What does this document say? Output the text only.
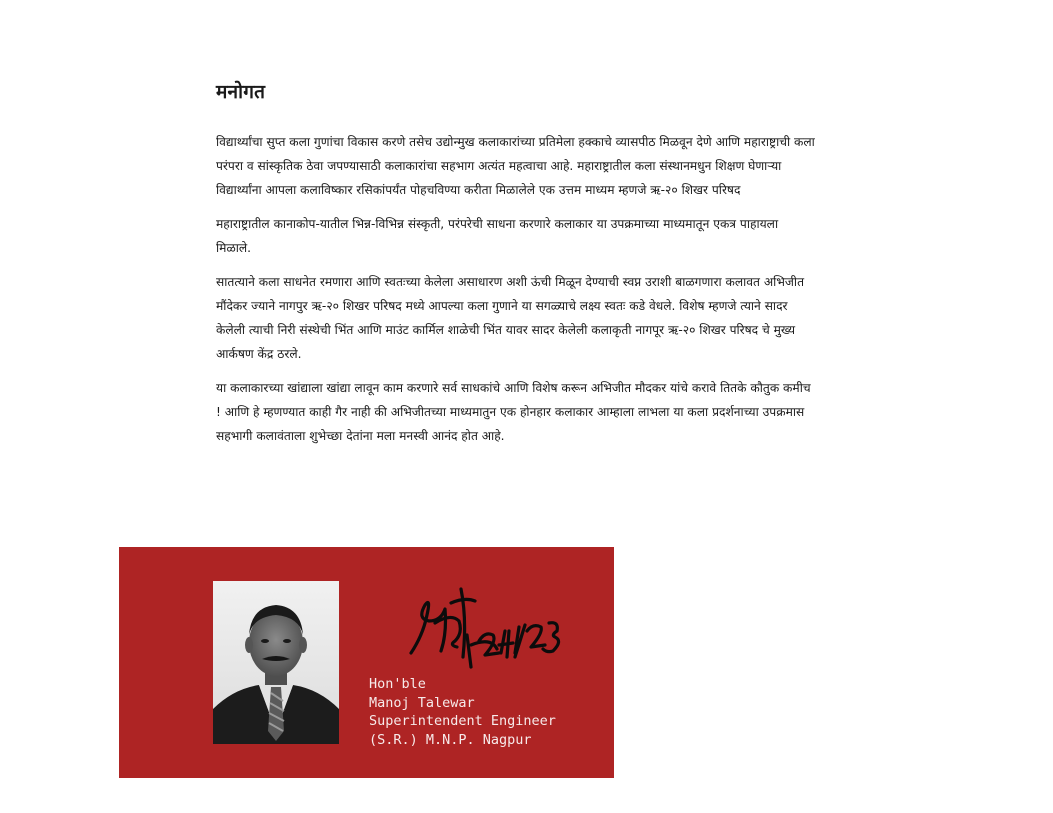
मनोगत

विद्यार्थ्यांचा सुप्त कला गुणांचा विकास करणे तसेच उद्योन्मुख कलाकारांच्या प्रतिमेला हक्काचे व्यासपीठ मिळवून देणे आणि महाराष्ट्राची कला परंपरा व सांस्कृतिक ठेवा जपण्यासाठी कलाकारांचा सहभाग अत्यंत महत्वाचा आहे. महाराष्ट्रातील कला संस्थानमधुन शिक्षण घेणाऱ्या विद्यार्थ्यांना आपला कलाविष्कार रसिकांपर्यंत पोहचविण्या करीता मिळालेले एक उत्तम माध्यम म्हणजे ऋ-२० शिखर परिषद

महाराष्ट्रातील कानाकोप-यातील भिन्न-विभिन्न संस्कृती, परंपरेची साधना करणारे कलाकार या उपक्रमाच्या माध्यमातून एकत्र पाहायला मिळाले.

सातत्याने कला साधनेत रमणारा आणि स्वतःच्या केलेला असाधारण अशी ऊंची मिळून देण्याची स्वप्न उराशी बाळगणारा कलावत अभिजीत मौंदेकर ज्याने नागपुर ऋ-२० शिखर परिषद मध्ये आपल्या कला गुणाने या सगळ्याचे लक्ष्य स्वतः कडे वेधले. विशेष म्हणजे त्याने सादर केलेली त्याची निरी संस्थेची भिंत आणि माउंट कार्मिल शाळेची भिंत यावर सादर केलेली कलाकृती नागपूर ऋ-२० शिखर परिषद चे मुख्य आर्कषण केंद्र ठरले.

या कलाकारच्या खांद्याला खांद्या लावून काम करणारे सर्व साधकांचे आणि विशेष करून अभिजीत मौदकर यांचे करावे तितके कौतुक कमीच ! आणि हे म्हणण्यात काही गैर नाही की अभिजीतच्या माध्यमातुन एक होनहार कलाकार आम्हाला लाभला या कला प्रदर्शनाच्या उपक्रमास सहभागी कलावंताला शुभेच्छा देतांना मला मनस्वी आनंद होत आहे.

Hon'ble
Manoj Talewar
Superintendent Engineer
(S.R.) M.N.P. Nagpur
